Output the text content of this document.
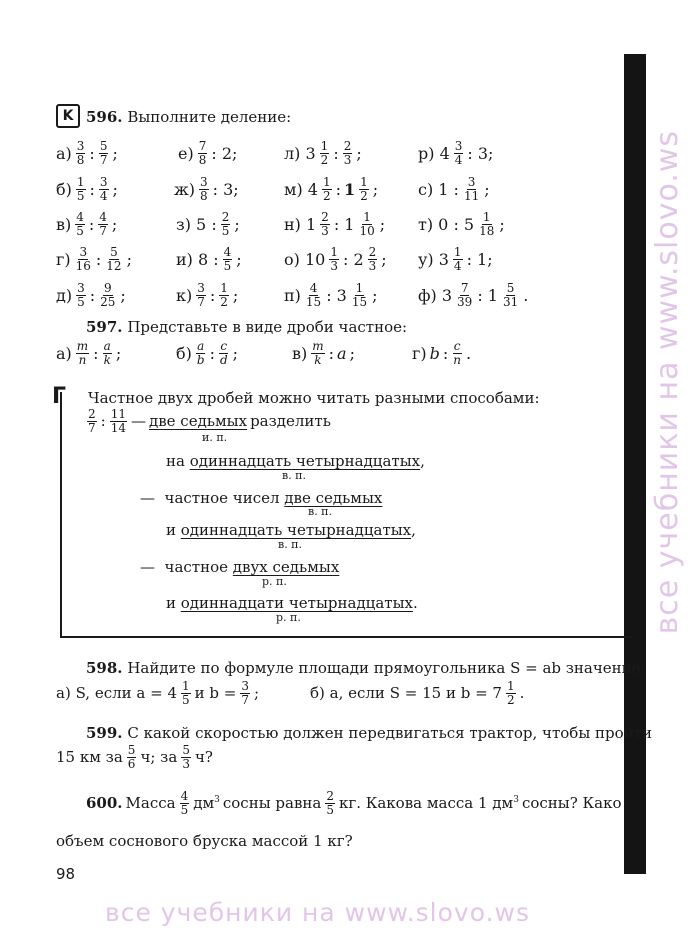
все учебники на www.slovo.ws
все учебники на www.slovo.ws
K 596. Выполните деление:
$а) \frac{3}{8}$ : $\frac{5}{7}$ ;	$е) \frac{7}{8}$ : 2;	л) $3 \frac{1}{2}$ : $\frac{2}{3}$ ;	р) $4 \frac{3}{4}$ : 3;
$б) \frac{1}{5}$ : $\frac{3}{4}$ ;	$ж) \frac{3}{8}$ : 3;	м) $4 \frac{1}{2}$ : $1 \frac{1}{2}$ ; с) 1 : $\frac{3}{11}$ ;
$в) \frac{4}{5}$ : $\frac{4}{7}$ ;	з) 5 : $\frac{2}{5}$ ;	н) $1 \frac{2}{3}$ : $1 \frac{1}{10}$ ; т) 0 : $5 \frac{1}{18}$ ;
$г) \frac{3}{16}$ : $\frac{5}{12}$ ;	и) 8 : $\frac{4}{5}$ ;	о) $10 \frac{1}{3}$ : $2 \frac{2}{3}$ ; у) $3 \frac{1}{4}$ : 1;
$д) \frac{3}{5}$ : $\frac{9}{25}$ ;	$к) \frac{3}{7}$ : $\frac{1}{2}$ ;	$п) \frac{4}{15}$ : $3 \frac{1}{15}$ ;	ф) $3 \frac{7}{39}$ : $1 \frac{5}{31}$ .
597. Представьте в виде дроби частное:
$а) \frac{m}{n}$ : $\frac{a}{k}$ ;	$б) \frac{a}{b}$ : $\frac{c}{d}$ ;	$в) \frac{m}{k}$ : a ;	г) b : $\frac{c}{n}$ .
Г Частное двух дробей можно читать разными способами:
$\frac{2}{7}$ : $\frac{11}{14}$ — две седьмых разделить
и. п.
на одиннадцать четырнадцатых,
в. п.
— частное чисел две седьмых
в. п.
и одиннадцать четырнадцатых,
в. п.
— частное двух седьмых
р. п.
и одиннадцати четырнадцатых.
р. п.
598. Найдите по формуле площади прямоугольника S = ab значение:
а) S, если $a = 4 \frac{1}{5}$ и $b = \frac{3}{7}$ ;	б) a, если S = 15 и $b = 7 \frac{1}{2}$ .
599. С какой скоростью должен передвигаться трактор, чтобы пройти
15 км за $\frac{5}{6} ч$; за $\frac{5}{3} ч$?
600. Масса $\frac{4}{5} дм^3$ сосны равна $\frac{2}{5}$ кг. Какова масса 1 $дм^3$ сосны? Како
объем соснового бруска массой 1 кг?
98
